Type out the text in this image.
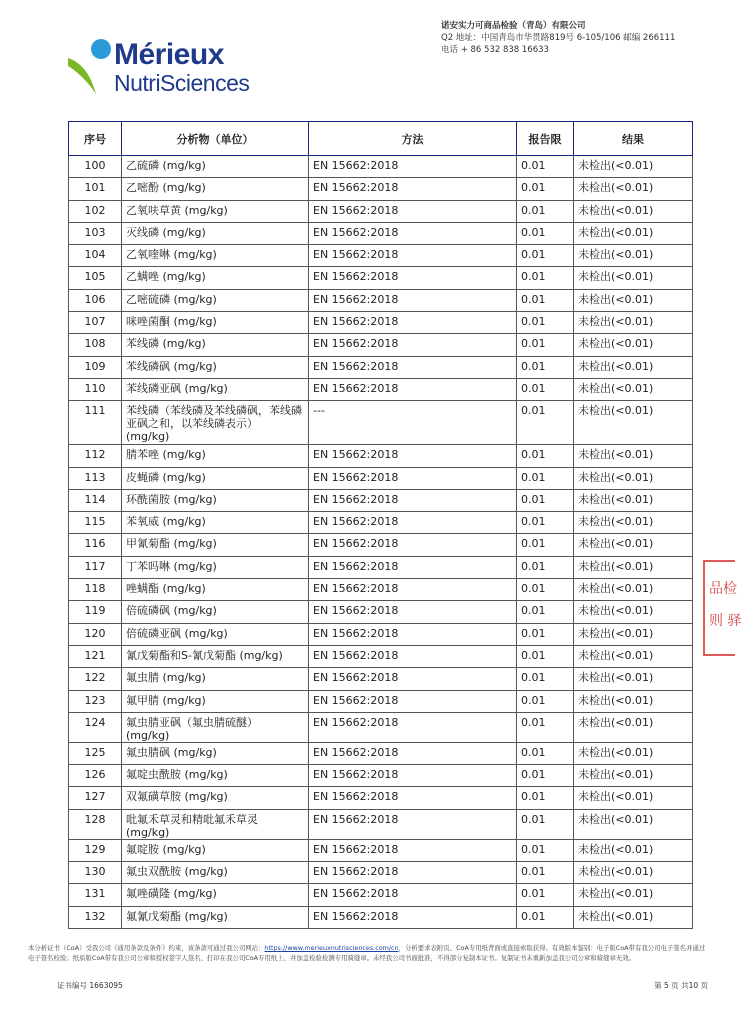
Mérieux
NutriSciences
诺安实力可商品检验（青岛）有限公司
Q2 地址：中国青岛市华贯路819号 6-105/106 邮编 266111
电话 + 86 532 838 16633
序号	分析物（单位）	方法	报告限	结果
100	乙硫磷 (mg/kg)	EN 15662:2018	0.01	未检出(<0.01)
101	乙嘧酚 (mg/kg)	EN 15662:2018	0.01	未检出(<0.01)
102	乙氧呋草黄 (mg/kg)	EN 15662:2018	0.01	未检出(<0.01)
103	灭线磷 (mg/kg)	EN 15662:2018	0.01	未检出(<0.01)
104	乙氧喹啉 (mg/kg)	EN 15662:2018	0.01	未检出(<0.01)
105	乙螨唑 (mg/kg)	EN 15662:2018	0.01	未检出(<0.01)
106	乙嘧硫磷 (mg/kg)	EN 15662:2018	0.01	未检出(<0.01)
107	咪唑菌酮 (mg/kg)	EN 15662:2018	0.01	未检出(<0.01)
108	苯线磷 (mg/kg)	EN 15662:2018	0.01	未检出(<0.01)
109	苯线磷砜 (mg/kg)	EN 15662:2018	0.01	未检出(<0.01)
110	苯线磷亚砜 (mg/kg)	EN 15662:2018	0.01	未检出(<0.01)
111	苯线磷（苯线磷及苯线磷砜，苯线磷亚砜之和，以苯线磷表示） (mg/kg)	---	0.01	未检出(<0.01)
112	腈苯唑 (mg/kg)	EN 15662:2018	0.01	未检出(<0.01)
113	皮蝇磷 (mg/kg)	EN 15662:2018	0.01	未检出(<0.01)
114	环酰菌胺 (mg/kg)	EN 15662:2018	0.01	未检出(<0.01)
115	苯氧威 (mg/kg)	EN 15662:2018	0.01	未检出(<0.01)
116	甲氰菊酯 (mg/kg)	EN 15662:2018	0.01	未检出(<0.01)
117	丁苯吗啉 (mg/kg)	EN 15662:2018	0.01	未检出(<0.01)
118	唑螨酯 (mg/kg)	EN 15662:2018	0.01	未检出(<0.01)
119	倍硫磷砜 (mg/kg)	EN 15662:2018	0.01	未检出(<0.01)
120	倍硫磷亚砜 (mg/kg)	EN 15662:2018	0.01	未检出(<0.01)
121	氰戊菊酯和S-氰戊菊酯 (mg/kg)	EN 15662:2018	0.01	未检出(<0.01)
122	氟虫腈 (mg/kg)	EN 15662:2018	0.01	未检出(<0.01)
123	氟甲腈 (mg/kg)	EN 15662:2018	0.01	未检出(<0.01)
124	氟虫腈亚砜（氟虫腈硫醚） (mg/kg)	EN 15662:2018	0.01	未检出(<0.01)
125	氟虫腈砜 (mg/kg)	EN 15662:2018	0.01	未检出(<0.01)
126	氟啶虫酰胺 (mg/kg)	EN 15662:2018	0.01	未检出(<0.01)
127	双氟磺草胺 (mg/kg)	EN 15662:2018	0.01	未检出(<0.01)
128	吡氟禾草灵和精吡氟禾草灵 (mg/kg)	EN 15662:2018	0.01	未检出(<0.01)
129	氟啶胺 (mg/kg)	EN 15662:2018	0.01	未检出(<0.01)
130	氟虫双酰胺 (mg/kg)	EN 15662:2018	0.01	未检出(<0.01)
131	氟唑磺隆 (mg/kg)	EN 15662:2018	0.01	未检出(<0.01)
132	氟氰戊菊酯 (mg/kg)	EN 15662:2018	0.01	未检出(<0.01)
品检
则 驿
本分析证书（CoA）受我公司《通用条款及条件》约束，该条款可通过我公司网站：https://www.merieuxnutrisciences.com/cn，分析要求表附页、CoA专用纸背面或直接索取获得。有效版本鉴别：电子版CoA带有我公司电子签名并通过电子签名校验；纸质版CoA带有我公司公章和授权签字人签名、打印在我公司CoA专用纸上、并加盖检验检测专用骑缝章。未经我公司书面批准，不得部分复制本证书。复制证书未重新加盖我公司公章和骑缝章无效。
证书编号 1663095	第 5 页 共10 页
